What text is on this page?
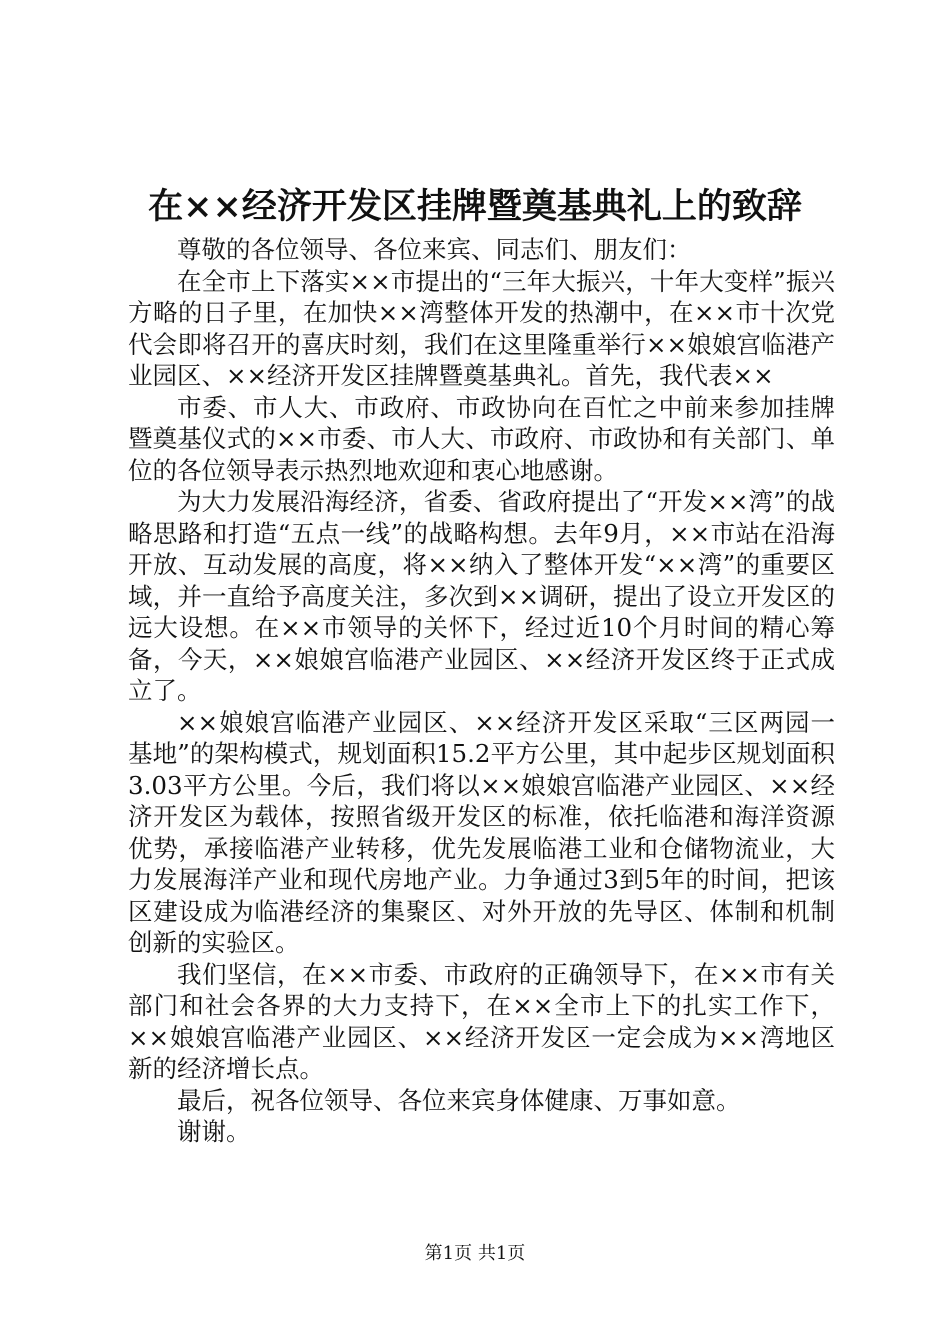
在××经济开发区挂牌暨奠基典礼上的致辞

尊敬的各位领导、各位来宾、同志们、朋友们：

在全市上下落实××市提出的“三年大振兴，十年大变样”振兴方略的日子里，在加快××湾整体开发的热潮中，在××市十次党代会即将召开的喜庆时刻，我们在这里隆重举行××娘娘宫临港产业园区、××经济开发区挂牌暨奠基典礼。首先，我代表××

市委、市人大、市政府、市政协向在百忙之中前来参加挂牌暨奠基仪式的××市委、市人大、市政府、市政协和有关部门、单位的各位领导表示热烈地欢迎和衷心地感谢。

为大力发展沿海经济，省委、省政府提出了“开发××湾”的战略思路和打造“五点一线”的战略构想。去年9月，××市站在沿海开放、互动发展的高度，将××纳入了整体开发“××湾”的重要区域，并一直给予高度关注，多次到××调研，提出了设立开发区的远大设想。在××市领导的关怀下，经过近10个月时间的精心筹备，今天，××娘娘宫临港产业园区、××经济开发区终于正式成立了。

××娘娘宫临港产业园区、××经济开发区采取“三区两园一基地”的架构模式，规划面积15.2平方公里，其中起步区规划面积3.03平方公里。今后，我们将以××娘娘宫临港产业园区、××经济开发区为载体，按照省级开发区的标准，依托临港和海洋资源优势，承接临港产业转移，优先发展临港工业和仓储物流业，大力发展海洋产业和现代房地产业。力争通过3到5年的时间，把该区建设成为临港经济的集聚区、对外开放的先导区、体制和机制创新的实验区。

我们坚信，在××市委、市政府的正确领导下，在××市有关部门和社会各界的大力支持下，在××全市上下的扎实工作下，××娘娘宫临港产业园区、××经济开发区一定会成为××湾地区新的经济增长点。

最后，祝各位领导、各位来宾身体健康、万事如意。

谢谢。

第1页 共1页
